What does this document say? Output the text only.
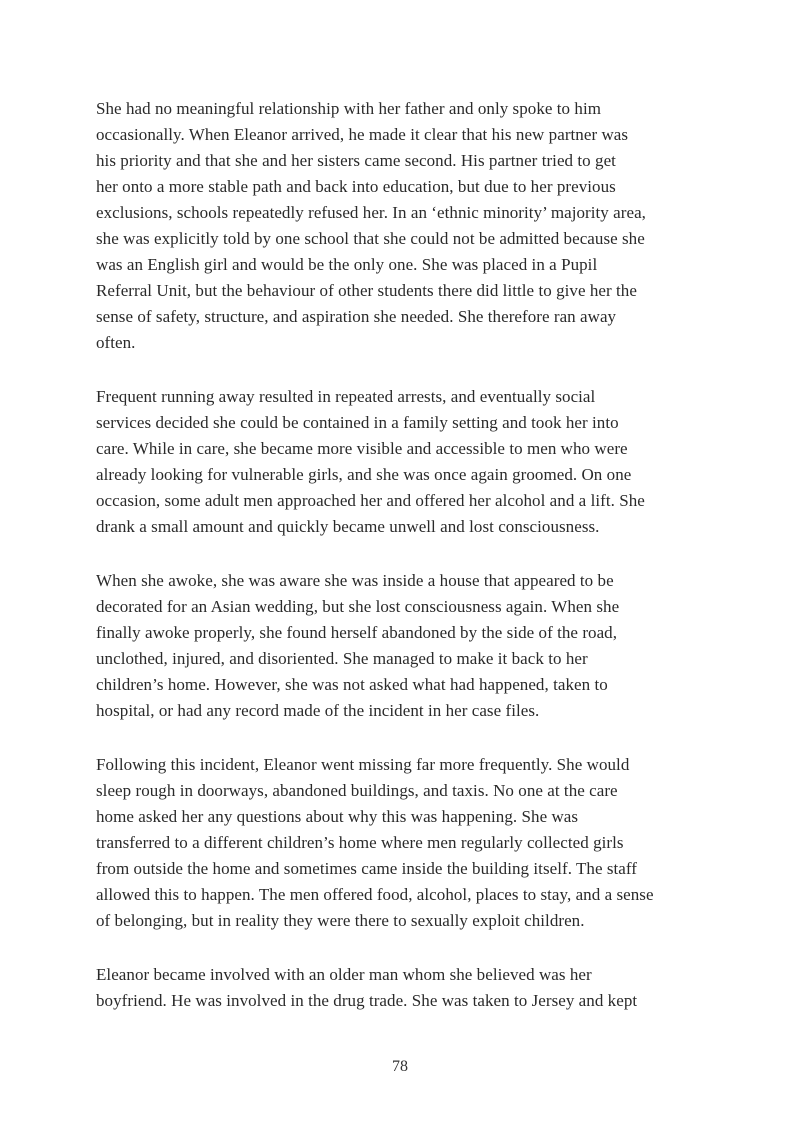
She had no meaningful relationship with her father and only spoke to him
occasionally. When Eleanor arrived, he made it clear that his new partner was
his priority and that she and her sisters came second. His partner tried to get
her onto a more stable path and back into education, but due to her previous
exclusions, schools repeatedly refused her. In an ‘ethnic minority’ majority area,
she was explicitly told by one school that she could not be admitted because she
was an English girl and would be the only one. She was placed in a Pupil
Referral Unit, but the behaviour of other students there did little to give her the
sense of safety, structure, and aspiration she needed. She therefore ran away
often.

Frequent running away resulted in repeated arrests, and eventually social
services decided she could be contained in a family setting and took her into
care. While in care, she became more visible and accessible to men who were
already looking for vulnerable girls, and she was once again groomed. On one
occasion, some adult men approached her and offered her alcohol and a lift. She
drank a small amount and quickly became unwell and lost consciousness.

When she awoke, she was aware she was inside a house that appeared to be
decorated for an Asian wedding, but she lost consciousness again. When she
finally awoke properly, she found herself abandoned by the side of the road,
unclothed, injured, and disoriented. She managed to make it back to her
children’s home. However, she was not asked what had happened, taken to
hospital, or had any record made of the incident in her case files.

Following this incident, Eleanor went missing far more frequently. She would
sleep rough in doorways, abandoned buildings, and taxis. No one at the care
home asked her any questions about why this was happening. She was
transferred to a different children’s home where men regularly collected girls
from outside the home and sometimes came inside the building itself. The staff
allowed this to happen. The men offered food, alcohol, places to stay, and a sense
of belonging, but in reality they were there to sexually exploit children.

Eleanor became involved with an older man whom she believed was her
boyfriend. He was involved in the drug trade. She was taken to Jersey and kept

78
